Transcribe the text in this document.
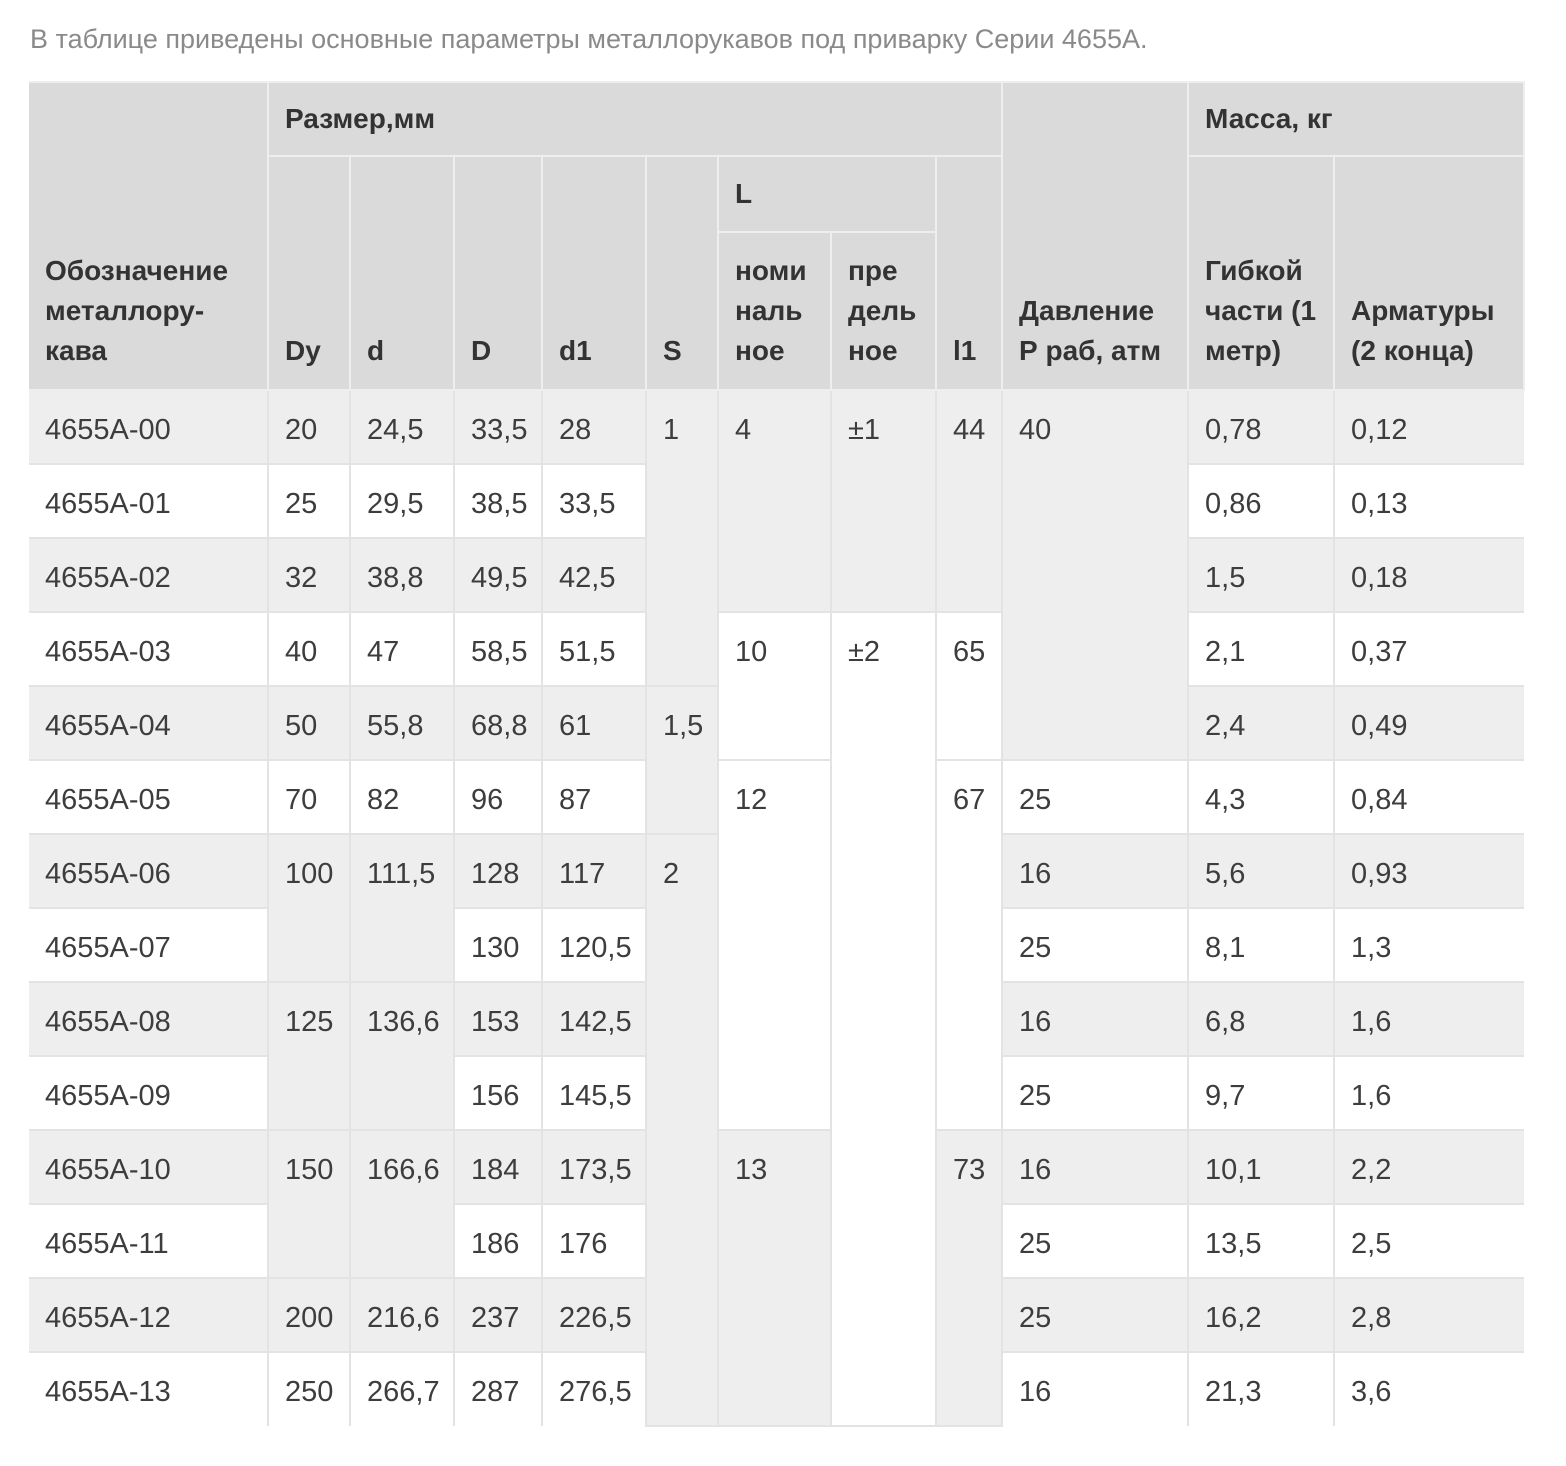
В таблице приведены основные параметры металлорукавов под приварку Серии 4655А.
Обозначение металлору-кава	Размер,мм								Давление Р раб, атм	Масса, кг	
	Dy	d	D	d1	S	L		l1		Гибкой части (1 метр)	Арматуры (2 конца)
						номи наль ное	пре дель ное				
4655A-00	20	24,5	33,5	28	1	4	±1	44	40	0,78	0,12
4655A-01	25	29,5	38,5	33,5						0,86	0,13
4655A-02	32	38,8	49,5	42,5						1,5	0,18
4655A-03	40	47	58,5	51,5		10	±2	65		2,1	0,37
4655A-04	50	55,8	68,8	61	1,5					2,4	0,49
4655A-05	70	82	96	87		12		67	25	4,3	0,84
4655A-06	100	111,5	128	117	2				16	5,6	0,93
4655A-07			130	120,5					25	8,1	1,3
4655A-08	125	136,6	153	142,5					16	6,8	1,6
4655A-09			156	145,5					25	9,7	1,6
4655A-10	150	166,6	184	173,5		13		73	16	10,1	2,2
4655A-11			186	176					25	13,5	2,5
4655A-12	200	216,6	237	226,5					25	16,2	2,8
4655A-13	250	266,7	287	276,5					16	21,3	3,6
